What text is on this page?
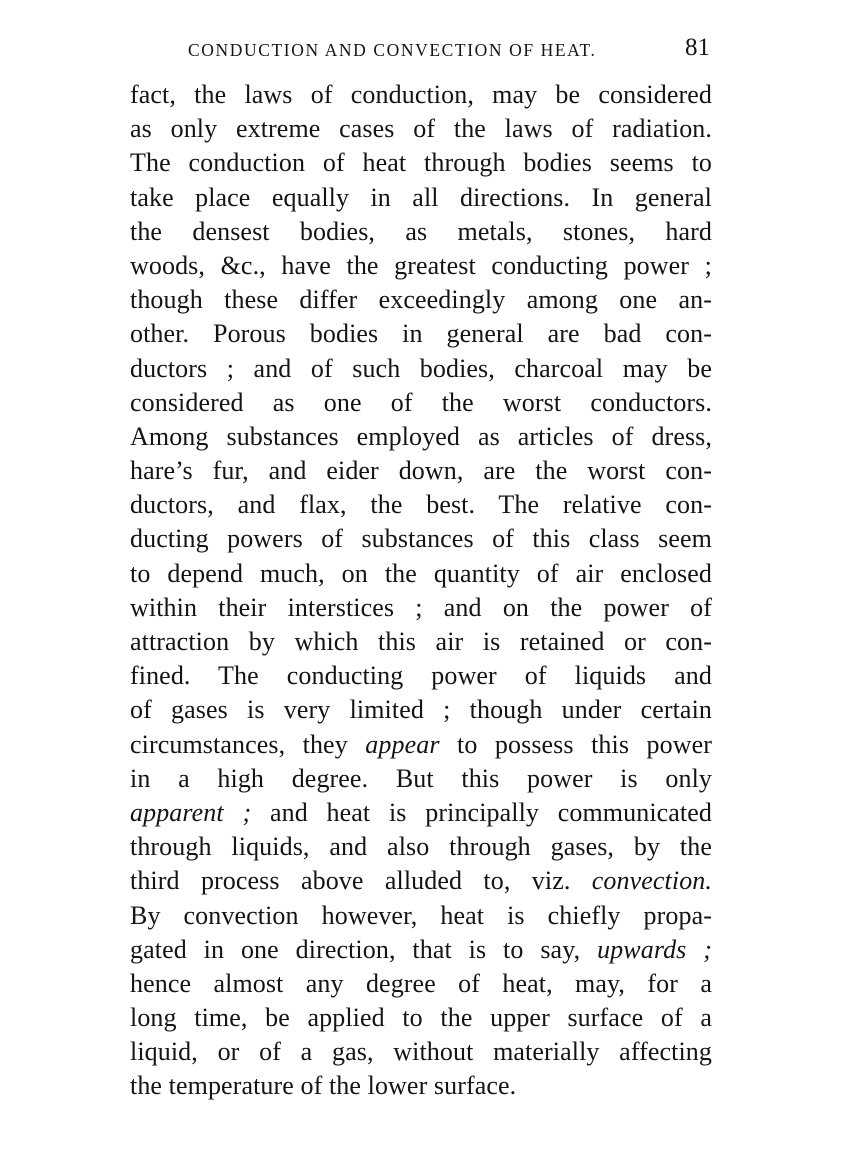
CONDUCTION AND CONVECTION OF HEAT.	81
fact, the laws of conduction, may be considered
as only extreme cases of the laws of radiation.
The conduction of heat through bodies seems to
take place equally in all directions. In general
the densest bodies, as metals, stones, hard
woods, &c., have the greatest conducting power ;
though these differ exceedingly among one an-
other. Porous bodies in general are bad con-
ductors ; and of such bodies, charcoal may be
considered as one of the worst conductors.
Among substances employed as articles of dress,
hare’s fur, and eider down, are the worst con-
ductors, and flax, the best. The relative con-
ducting powers of substances of this class seem
to depend much, on the quantity of air enclosed
within their interstices ; and on the power of
attraction by which this air is retained or con-
fined. The conducting power of liquids and
of gases is very limited ; though under certain
circumstances, they appear to possess this power
in a high degree. But this power is only
apparent ; and heat is principally communicated
through liquids, and also through gases, by the
third process above alluded to, viz. convection.
By convection however, heat is chiefly propa-
gated in one direction, that is to say, upwards ;
hence almost any degree of heat, may, for a
long time, be applied to the upper surface of a
liquid, or of a gas, without materially affecting
the temperature of the lower surface.
